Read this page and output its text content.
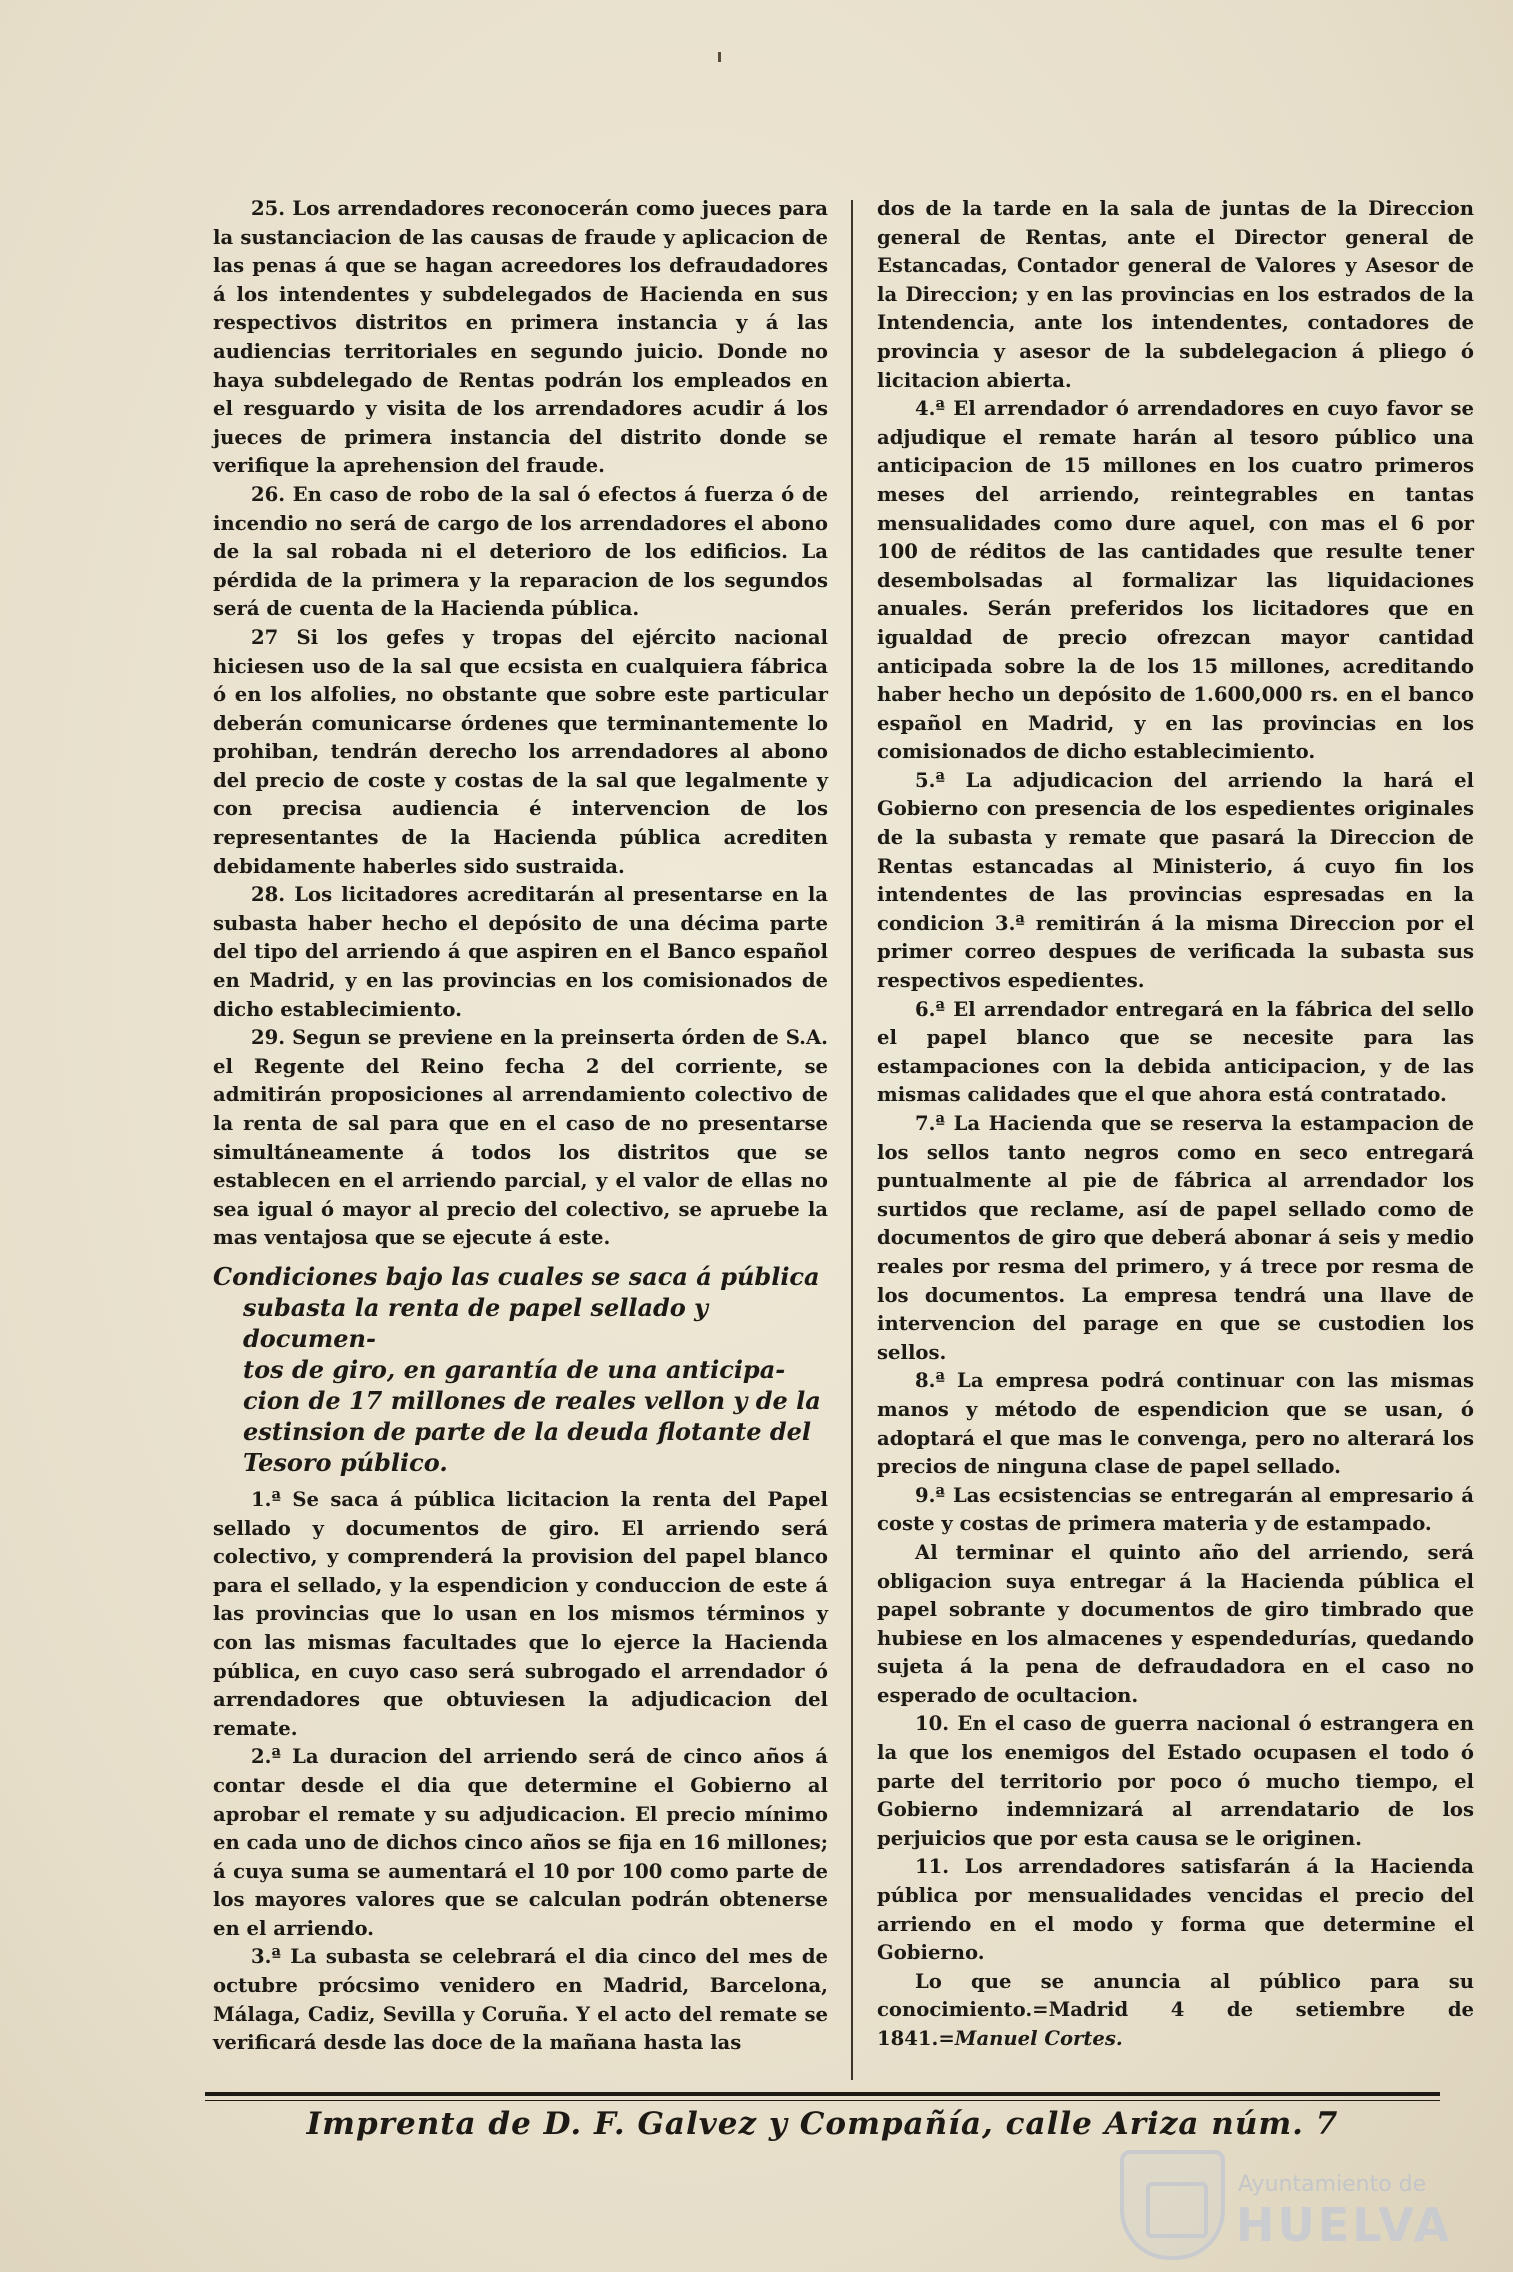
25. Los arrendadores reconocerán como jueces para la sustanciacion de las causas de fraude y aplicacion de las penas á que se hagan acreedores los defraudadores á los intendentes y subdelegados de Hacienda en sus respectivos distritos en primera instancia y á las audiencias territoriales en segundo juicio. Donde no haya subdelegado de Rentas podrán los empleados en el resguardo y visita de los arrendadores acudir á los jueces de primera instancia del distrito donde se verifique la aprehension del fraude.

26. En caso de robo de la sal ó efectos á fuerza ó de incendio no será de cargo de los arrendadores el abono de la sal robada ni el deterioro de los edificios. La pérdida de la primera y la reparacion de los segundos será de cuenta de la Hacienda pública.

27 Si los gefes y tropas del ejército nacional hiciesen uso de la sal que ecsista en cualquiera fábrica ó en los alfolies, no obstante que sobre este particular deberán comunicarse órdenes que terminantemente lo prohiban, tendrán derecho los arrendadores al abono del precio de coste y costas de la sal que legalmente y con precisa audiencia é intervencion de los representantes de la Hacienda pública acrediten debidamente haberles sido sustraida.

28. Los licitadores acreditarán al presentarse en la subasta haber hecho el depósito de una décima parte del tipo del arriendo á que aspiren en el Banco español en Madrid, y en las provincias en los comisionados de dicho establecimiento.

29. Segun se previene en la preinserta órden de S.A. el Regente del Reino fecha 2 del corriente, se admitirán proposiciones al arrendamiento colectivo de la renta de sal para que en el caso de no presentarse simultáneamente á todos los distritos que se establecen en el arriendo parcial, y el valor de ellas no sea igual ó mayor al precio del colectivo, se apruebe la mas ventajosa que se ejecute á este.

Condiciones bajo las cuales se saca á pública
subasta la renta de papel sellado y documen-
tos de giro, en garantía de una anticipa-
cion de 17 millones de reales vellon y de la
estinsion de parte de la deuda flotante del
Tesoro público.

1.ª Se saca á pública licitacion la renta del Papel sellado y documentos de giro. El arriendo será colectivo, y comprenderá la provision del papel blanco para el sellado, y la espendicion y conduccion de este á las provincias que lo usan en los mismos términos y con las mismas facultades que lo ejerce la Hacienda pública, en cuyo caso será subrogado el arrendador ó arrendadores que obtuviesen la adjudicacion del remate.

2.ª La duracion del arriendo será de cinco años á contar desde el dia que determine el Gobierno al aprobar el remate y su adjudicacion. El precio mínimo en cada uno de dichos cinco años se fija en 16 millones; á cuya suma se aumentará el 10 por 100 como parte de los mayores valores que se calculan podrán obtenerse en el arriendo.

3.ª La subasta se celebrará el dia cinco del mes de octubre prócsimo venidero en Madrid, Barcelona, Málaga, Cadiz, Sevilla y Coruña. Y el acto del remate se verificará desde las doce de la mañana hasta las

dos de la tarde en la sala de juntas de la Direccion general de Rentas, ante el Director general de Estancadas, Contador general de Valores y Asesor de la Direccion; y en las provincias en los estrados de la Intendencia, ante los intendentes, contadores de provincia y asesor de la subdelegacion á pliego ó licitacion abierta.

4.ª El arrendador ó arrendadores en cuyo favor se adjudique el remate harán al tesoro público una anticipacion de 15 millones en los cuatro primeros meses del arriendo, reintegrables en tantas mensualidades como dure aquel, con mas el 6 por 100 de réditos de las cantidades que resulte tener desembolsadas al formalizar las liquidaciones anuales. Serán preferidos los licitadores que en igualdad de precio ofrezcan mayor cantidad anticipada sobre la de los 15 millones, acreditando haber hecho un depósito de 1.600,000 rs. en el banco español en Madrid, y en las provincias en los comisionados de dicho establecimiento.

5.ª La adjudicacion del arriendo la hará el Gobierno con presencia de los espedientes originales de la subasta y remate que pasará la Direccion de Rentas estancadas al Ministerio, á cuyo fin los intendentes de las provincias espresadas en la condicion 3.ª remitirán á la misma Direccion por el primer correo despues de verificada la subasta sus respectivos espedientes.

6.ª El arrendador entregará en la fábrica del sello el papel blanco que se necesite para las estampaciones con la debida anticipacion, y de las mismas calidades que el que ahora está contratado.

7.ª La Hacienda que se reserva la estampacion de los sellos tanto negros como en seco entregará puntualmente al pie de fábrica al arrendador los surtidos que reclame, así de papel sellado como de documentos de giro que deberá abonar á seis y medio reales por resma del primero, y á trece por resma de los documentos. La empresa tendrá una llave de intervencion del parage en que se custodien los sellos.

8.ª La empresa podrá continuar con las mismas manos y método de espendicion que se usan, ó adoptará el que mas le convenga, pero no alterará los precios de ninguna clase de papel sellado.

9.ª Las ecsistencias se entregarán al empresario á coste y costas de primera materia y de estampado.

Al terminar el quinto año del arriendo, será obligacion suya entregar á la Hacienda pública el papel sobrante y documentos de giro timbrado que hubiese en los almacenes y espendedurías, quedando sujeta á la pena de defraudadora en el caso no esperado de ocultacion.

10. En el caso de guerra nacional ó estrangera en la que los enemigos del Estado ocupasen el todo ó parte del territorio por poco ó mucho tiempo, el Gobierno indemnizará al arrendatario de los perjuicios que por esta causa se le originen.

11. Los arrendadores satisfarán á la Hacienda pública por mensualidades vencidas el precio del arriendo en el modo y forma que determine el Gobierno.

Lo que se anuncia al público para su conocimiento.=Madrid 4 de setiembre de 1841.=Manuel Cortes.

Imprenta de D. F. Galvez y Compañía, calle Ariza núm. 7
Ayuntamiento de
HUELVA
